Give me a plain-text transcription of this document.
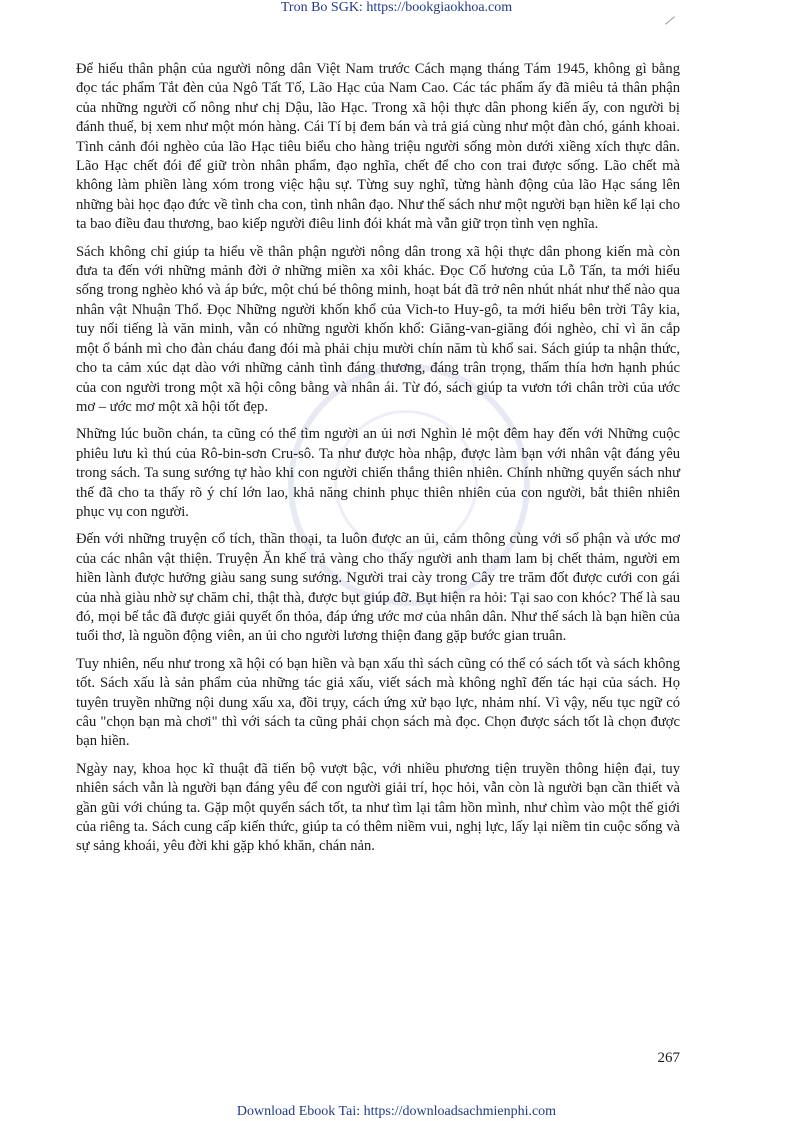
Tron Bo SGK: https://bookgiaokhoa.com

Để hiểu thân phận của người nông dân Việt Nam trước Cách mạng tháng Tám 1945, không gì bằng đọc tác phẩm Tắt đèn của Ngô Tất Tố, Lão Hạc của Nam Cao. Các tác phẩm ấy đã miêu tả thân phận của những người cố nông như chị Dậu, lão Hạc. Trong xã hội thực dân phong kiến ấy, con người bị đánh thuế, bị xem như một món hàng. Cái Tí bị đem bán và trả giá cùng như một đàn chó, gánh khoai. Tình cảnh đói nghèo của lão Hạc tiêu biểu cho hàng triệu người sống mòn dưới xiềng xích thực dân. Lão Hạc chết đói để giữ tròn nhân phẩm, đạo nghĩa, chết để cho con trai được sống. Lão chết mà không làm phiền làng xóm trong việc hậu sự. Từng suy nghĩ, từng hành động của lão Hạc sáng lên những bài học đạo đức về tình cha con, tình nhân đạo. Như thế sách như một người bạn hiền kể lại cho ta bao điều đau thương, bao kiếp người điêu linh đói khát mà vẫn giữ trọn tình vẹn nghĩa.

Sách không chỉ giúp ta hiểu về thân phận người nông dân trong xã hội thực dân phong kiến mà còn đưa ta đến với những mảnh đời ở những miền xa xôi khác. Đọc Cố hương của Lỗ Tấn, ta mới hiểu sống trong nghèo khó và áp bức, một chú bé thông minh, hoạt bát đã trở nên nhút nhát như thế nào qua nhân vật Nhuận Thổ. Đọc Những người khốn khổ của Vich-to Huy-gô, ta mới hiểu bên trời Tây kia, tuy nổi tiếng là văn minh, vẫn có những người khốn khổ: Giăng-van-giăng đói nghèo, chỉ vì ăn cắp một ổ bánh mì cho đàn cháu đang đói mà phải chịu mười chín năm tù khổ sai. Sách giúp ta nhận thức, cho ta cảm xúc dạt dào với những cảnh tình đáng thương, đáng trân trọng, thấm thía hơn hạnh phúc của con người trong một xã hội công bằng và nhân ái. Từ đó, sách giúp ta vươn tới chân trời của ước mơ – ước mơ một xã hội tốt đẹp.

Những lúc buồn chán, ta cũng có thể tìm người an ủi nơi Nghìn lẻ một đêm hay đến với Những cuộc phiêu lưu kì thú của Rô-bin-sơn Cru-sô. Ta như được hòa nhập, được làm bạn với nhân vật đáng yêu trong sách. Ta sung sướng tự hào khi con người chiến thắng thiên nhiên. Chính những quyển sách như thế đã cho ta thấy rõ ý chí lớn lao, khả năng chinh phục thiên nhiên của con người, bắt thiên nhiên phục vụ con người.

Đến với những truyện cổ tích, thần thoại, ta luôn được an ủi, cảm thông cùng với số phận và ước mơ của các nhân vật thiện. Truyện Ăn khế trả vàng cho thấy người anh tham lam bị chết thảm, người em hiền lành được hưởng giàu sang sung sướng. Người trai cày trong Cây tre trăm đốt được cưới con gái của nhà giàu nhờ sự chăm chỉ, thật thà, được bụt giúp đỡ. Bụt hiện ra hỏi: Tại sao con khóc? Thế là sau đó, mọi bế tắc đã được giải quyết ổn thỏa, đáp ứng ước mơ của nhân dân. Như thế sách là bạn hiền của tuổi thơ, là nguồn động viên, an ủi cho người lương thiện đang gặp bước gian truân.

Tuy nhiên, nếu như trong xã hội có bạn hiền và bạn xấu thì sách cũng có thể có sách tốt và sách không tốt. Sách xấu là sản phẩm của những tác giả xấu, viết sách mà không nghĩ đến tác hại của sách. Họ tuyên truyền những nội dung xấu xa, đồi trụy, cách ứng xử bạo lực, nhảm nhí. Vì vậy, nếu tục ngữ có câu "chọn bạn mà chơi" thì với sách ta cũng phải chọn sách mà đọc. Chọn được sách tốt là chọn được bạn hiền.

Ngày nay, khoa học kĩ thuật đã tiến bộ vượt bậc, với nhiều phương tiện truyền thông hiện đại, tuy nhiên sách vẫn là người bạn đáng yêu để con người giải trí, học hỏi, vẫn còn là người bạn cần thiết và gần gũi với chúng ta. Gặp một quyển sách tốt, ta như tìm lại tâm hồn mình, như chìm vào một thế giới của riêng ta. Sách cung cấp kiến thức, giúp ta có thêm niềm vui, nghị lực, lấy lại niềm tin cuộc sống và sự sảng khoái, yêu đời khi gặp khó khăn, chán nản.

267
Download Ebook Tai: https://downloadsachmienphi.com
